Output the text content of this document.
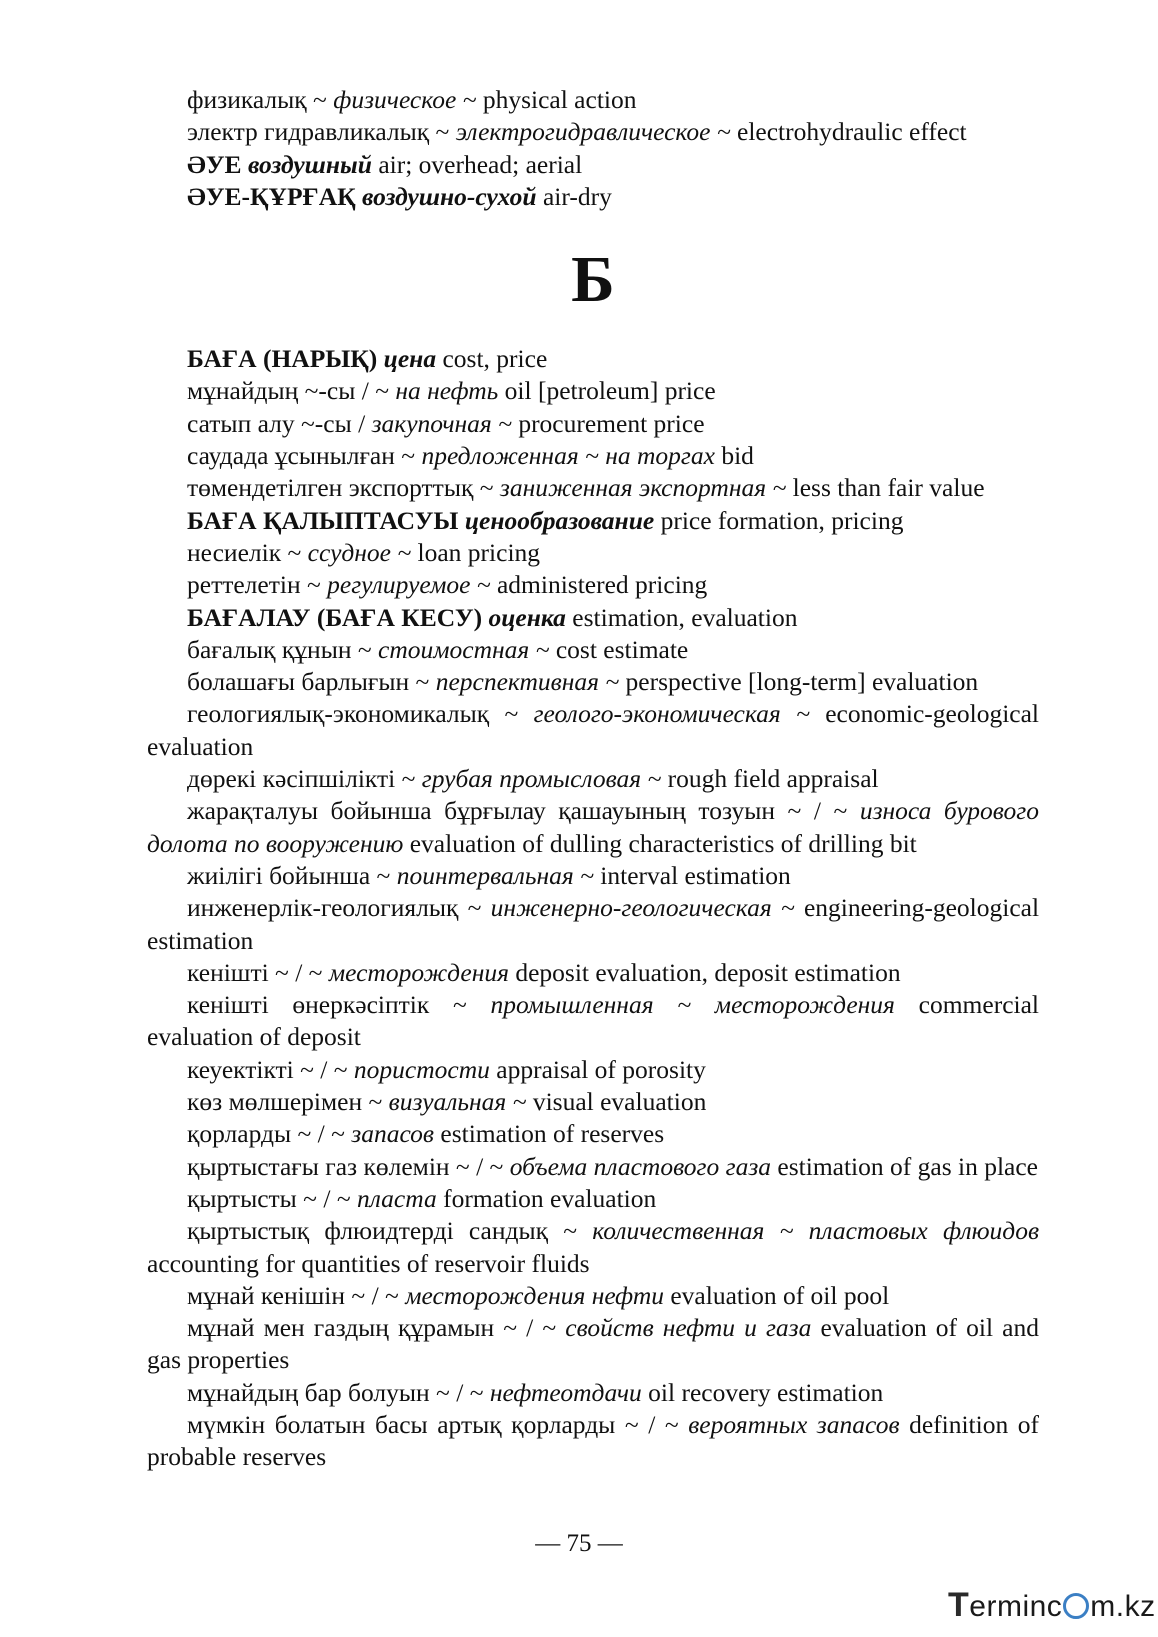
физикалық ~ физическое ~ physical action

электр гидравликалық ~ электрогидравлическое ~ electrohydraulic effect

ӘУЕ воздушный air; overhead; aerial

ӘУЕ-ҚҰРҒАҚ воздушно-сухой air-dry

Б

БАҒА (НАРЫҚ) цена cost, price

мұнайдың ~-сы / ~ на нефть oil [petroleum] price

сатып алу ~-сы / закупочная ~ procurement price

саудада ұсынылған ~ предложенная ~ на торгах bid

төмендетілген экспорттық ~ заниженная экспортная ~ less than fair value

БАҒА ҚАЛЫПТАСУЫ ценообразование price formation, pricing

несиелік ~ ссудное ~ loan pricing

реттелетін ~ регулируемое ~ administered pricing

БАҒАЛАУ (БАҒА КЕСУ) оценка estimation, evaluation

бағалық құнын ~ стоимостная ~ cost estimate

болашағы барлығын ~ перспективная ~ perspective [long-term] evaluation

геологиялық-экономикалық ~ геолого-экономическая ~ economic-geological evaluation

дөрекі кәсіпшілікті ~ грубая промысловая ~ rough field appraisal

жарақталуы бойынша бұрғылау қашауының тозуын ~ / ~ износа бурового долота по вооружению evaluation of dulling characteristics of drilling bit

жиілігі бойынша ~ поинтервальная ~ interval estimation

инженерлік-геологиялық ~ инженерно-геологическая ~ engineering-geological estimation

кеніштi ~ / ~ месторождения deposit evaluation, deposit estimation

кеніштi өнеркәсіптік ~ промышленная ~ месторождения commercial evaluation of deposit

кеуектікті ~ / ~ пористости appraisal of porosity

көз мөлшерімен ~ визуальная ~ visual evaluation

қорларды ~ / ~ запасов estimation of reserves

қыртыстағы газ көлемін ~ / ~ объема пластового газа estimation of gas in place

қыртысты ~ / ~ пласта formation evaluation

қыртыстық флюидтерді сандық ~ количественная ~ пластовых флюидов accounting for quantities of reservoir fluids

мұнай кенішін ~ / ~ месторождения нефти evaluation of oil pool

мұнай мен газдың құрамын ~ / ~ свойств нефти и газа evaluation of oil and gas properties

мұнайдың бар болуын ~ / ~ нефтеотдачи oil recovery estimation

мүмкін болатын басы артық қорларды ~ / ~ вероятных запасов definition of probable reserves

— 75 —
Terminc m.kz
